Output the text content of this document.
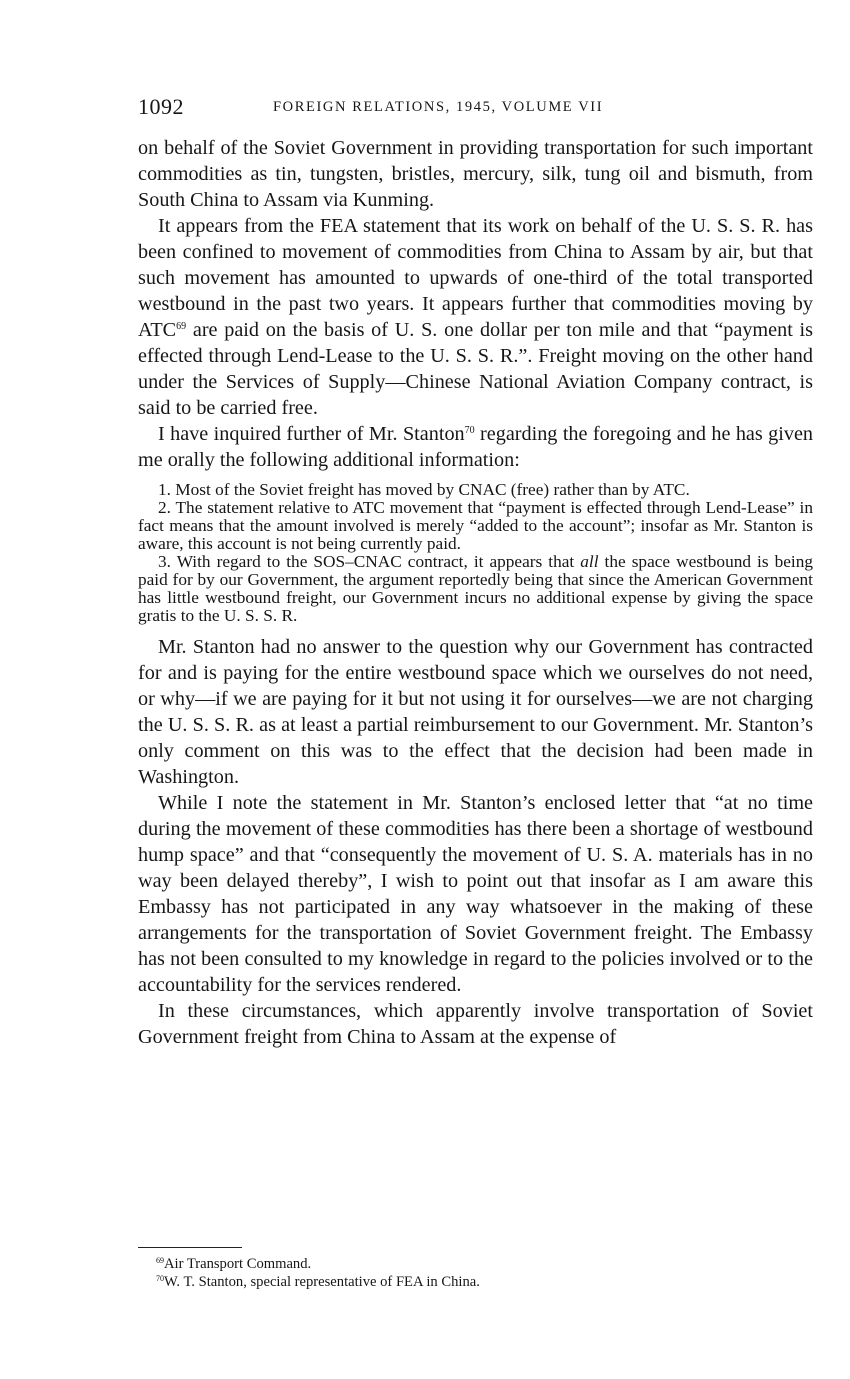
1092	FOREIGN RELATIONS, 1945, VOLUME VII

on behalf of the Soviet Government in providing transportation for such important commodities as tin, tungsten, bristles, mercury, silk, tung oil and bismuth, from South China to Assam via Kunming.

It appears from the FEA statement that its work on behalf of the U. S. S. R. has been confined to movement of commodities from China to Assam by air, but that such movement has amounted to upwards of one-third of the total transported westbound in the past two years. It appears further that commodities moving by ATC$^{69}$ are paid on the basis of U. S. one dollar per ton mile and that “payment is effected through Lend-Lease to the U. S. S. R.”. Freight moving on the other hand under the Services of Supply—Chinese National Aviation Company contract, is said to be carried free.

I have inquired further of Mr. Stanton$^{70}$ regarding the foregoing and he has given me orally the following additional information:

1. Most of the Soviet freight has moved by CNAC (free) rather than by ATC.

2. The statement relative to ATC movement that “payment is effected through Lend-Lease” in fact means that the amount involved is merely “added to the account”; insofar as Mr. Stanton is aware, this account is not being currently paid.

3. With regard to the SOS–CNAC contract, it appears that all the space westbound is being paid for by our Government, the argument reportedly being that since the American Government has little westbound freight, our Government incurs no additional expense by giving the space gratis to the U. S. S. R.

Mr. Stanton had no answer to the question why our Government has contracted for and is paying for the entire westbound space which we ourselves do not need, or why—if we are paying for it but not using it for ourselves—we are not charging the U. S. S. R. as at least a partial reimbursement to our Government. Mr. Stanton’s only comment on this was to the effect that the decision had been made in Washington.

While I note the statement in Mr. Stanton’s enclosed letter that “at no time during the movement of these commodities has there been a shortage of westbound hump space” and that “consequently the movement of U. S. A. materials has in no way been delayed thereby”, I wish to point out that insofar as I am aware this Embassy has not participated in any way whatsoever in the making of these arrangements for the transportation of Soviet Government freight. The Embassy has not been consulted to my knowledge in regard to the policies involved or to the accountability for the services rendered.

In these circumstances, which apparently involve transportation of Soviet Government freight from China to Assam at the expense of

$^{69}$Air Transport Command.

$^{70}$W. T. Stanton, special representative of FEA in China.
